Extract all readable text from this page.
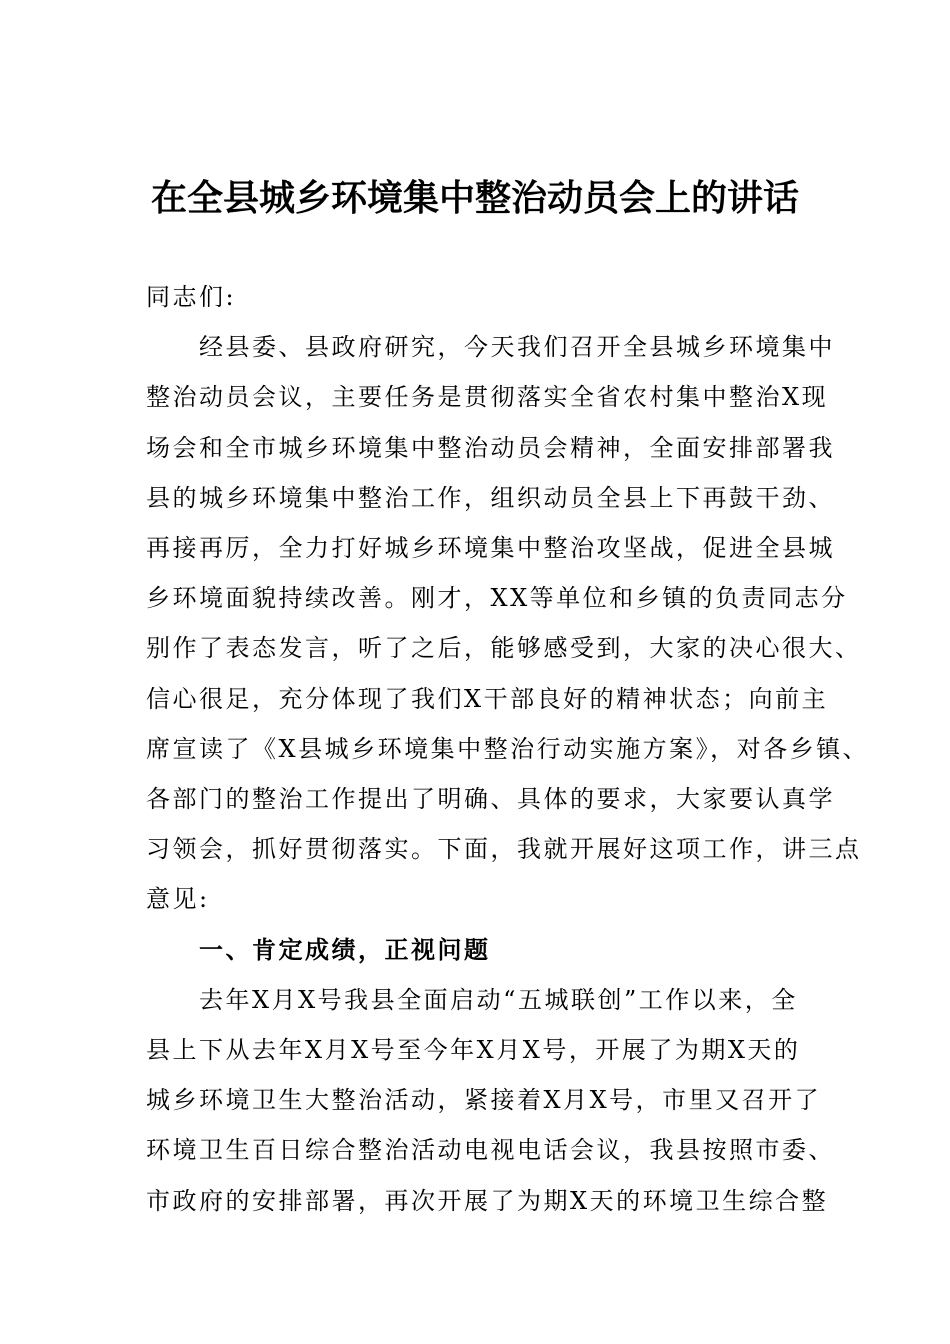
在全县城乡环境集中整治动员会上的讲话
同志们:
经县委、县政府研究，今天我们召开全县城乡环境集中
整治动员会议，主要任务是贯彻落实全省农村集中整治X现
场会和全市城乡环境集中整治动员会精神，全面安排部署我
县的城乡环境集中整治工作，组织动员全县上下再鼓干劲、
再接再厉，全力打好城乡环境集中整治攻坚战，促进全县城
乡环境面貌持续改善。刚才，XX等单位和乡镇的负责同志分
别作了表态发言，听了之后，能够感受到，大家的决心很大、
信心很足，充分体现了我们X干部良好的精神状态；向前主
席宣读了《X县城乡环境集中整治行动实施方案》，对各乡镇、
各部门的整治工作提出了明确、具体的要求，大家要认真学
习领会，抓好贯彻落实。下面，我就开展好这项工作，讲三点
意见:
一、肯定成绩，正视问题
去年X月X号我县全面启动“五城联创”工作以来，全
县上下从去年X月X号至今年X月X号，开展了为期X天的
城乡环境卫生大整治活动，紧接着X月X号，市里又召开了
环境卫生百日综合整治活动电视电话会议，我县按照市委、
市政府的安排部署，再次开展了为期X天的环境卫生综合整
